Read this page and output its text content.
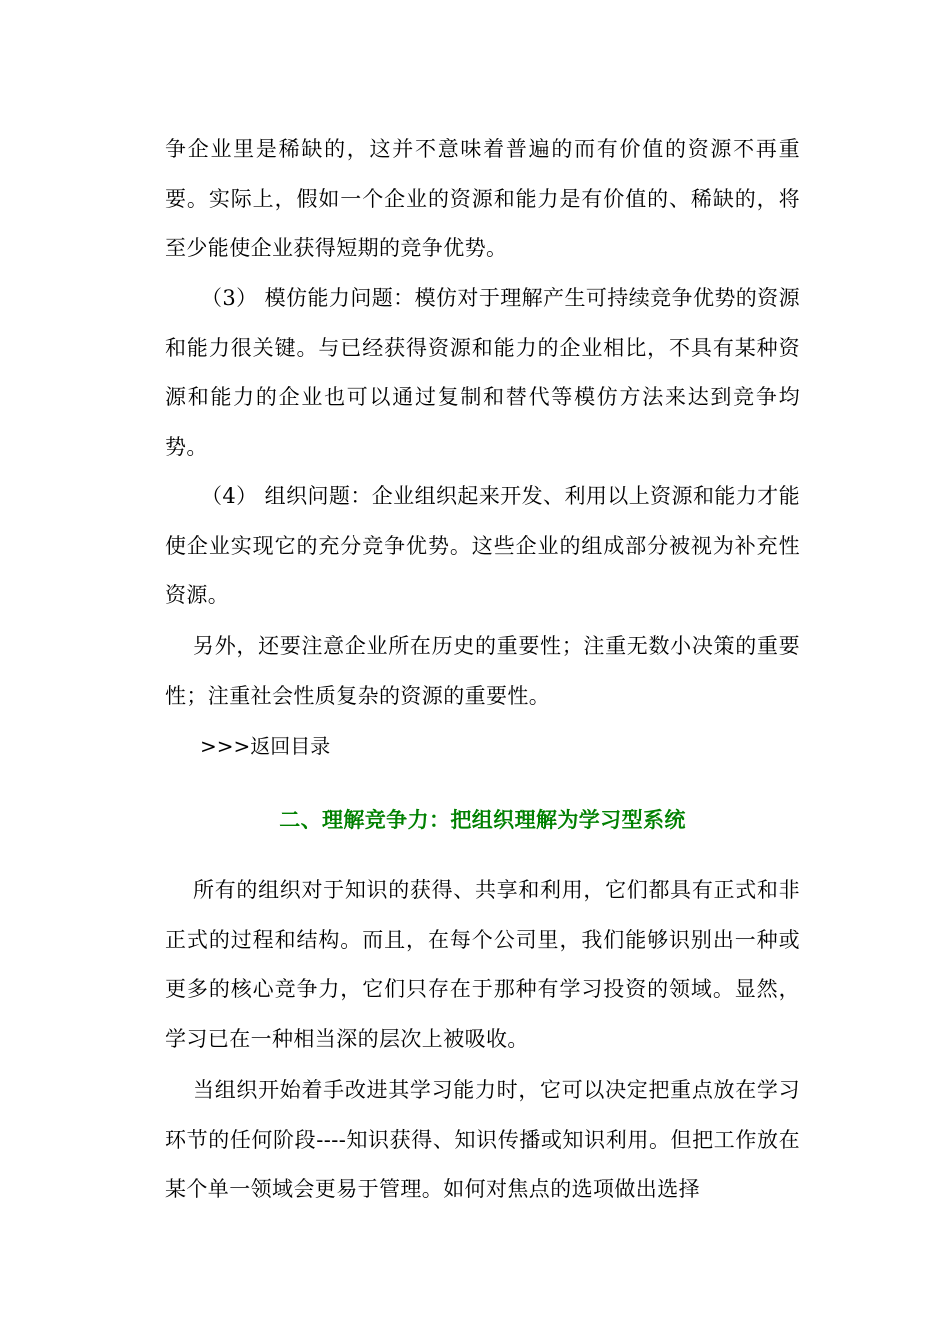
争企业里是稀缺的，这并不意味着普遍的而有价值的资源不再重要。实际上，假如一个企业的资源和能力是有价值的、稀缺的，将至少能使企业获得短期的竞争优势。

（3） 模仿能力问题：模仿对于理解产生可持续竞争优势的资源和能力很关键。与已经获得资源和能力的企业相比，不具有某种资源和能力的企业也可以通过复制和替代等模仿方法来达到竞争均势。

（4） 组织问题：企业组织起来开发、利用以上资源和能力才能使企业实现它的充分竞争优势。这些企业的组成部分被视为补充性资源。

另外，还要注意企业所在历史的重要性；注重无数小决策的重要性；注重社会性质复杂的资源的重要性。

>>>返回目录
二、理解竞争力：把组织理解为学习型系统

所有的组织对于知识的获得、共享和利用，它们都具有正式和非正式的过程和结构。而且，在每个公司里，我们能够识别出一种或更多的核心竞争力，它们只存在于那种有学习投资的领域。显然，学习已在一种相当深的层次上被吸收。

当组织开始着手改进其学习能力时，它可以决定把重点放在学习环节的任何阶段----知识获得、知识传播或知识利用。但把工作放在某个单一领域会更易于管理。如何对焦点的选项做出选择
